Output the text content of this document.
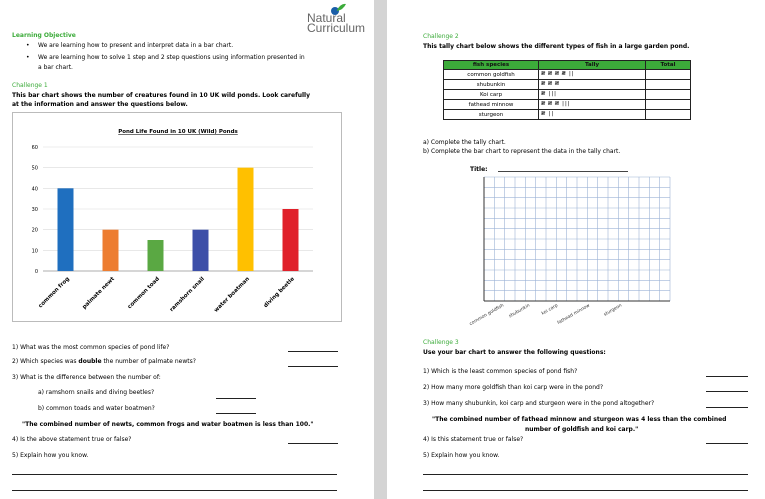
Learning Objective
• We are learning how to present and interpret data in a bar chart.
• We are learning how to solve 1 step and 2 step questions using information presented in
a bar chart.
Challenge 1
This bar chart shows the number of creatures found in 10 UK wild ponds. Look carefully
at the information and answer the questions below.
Pond Life Found in 10 UK (Wild) Ponds
0
10
20
30
40
50
60
common frog palmate newt common toad ramshorn snail water boatman diving beetle
1) What was the most common species of pond life?
2) Which species was double the number of palmate newts?
3) What is the difference between the number of:
a) ramshorn snails and diving beetles?
b) common toads and water boatmen?
"The combined number of newts, common frogs and water boatmen is less than 100."
4) Is the above statement true or false?
5) Explain how you know.
Natural
Curriculum
Challenge 2
This tally chart below shows the different types of fish in a large garden pond.
fish species	Tally	Total
common goldfish	𝍸 𝍸 𝍸 𝍸 ||	
shubunkin	𝍸 𝍸 𝍸	
Koi carp	𝍸 |||	
fathead minnow	𝍸 𝍸 𝍸 |||	
sturgeon	𝍸 ||	
a) Complete the tally chart.
b) Complete the bar chart to represent the data in the tally chart.
Title:
common goldfish shubunkin koi carp
fathead minnow	sturgeon
Challenge 3
Use your bar chart to answer the following questions:
1) Which is the least common species of pond fish?
2) How many more goldfish than koi carp were in the pond?
3) How many shubunkin, koi carp and sturgeon were in the pond altogether?
"The combined number of fathead minnow and sturgeon was 4 less than the combined
number of goldfish and koi carp."
4) Is this statement true or false?
5) Explain how you know.
